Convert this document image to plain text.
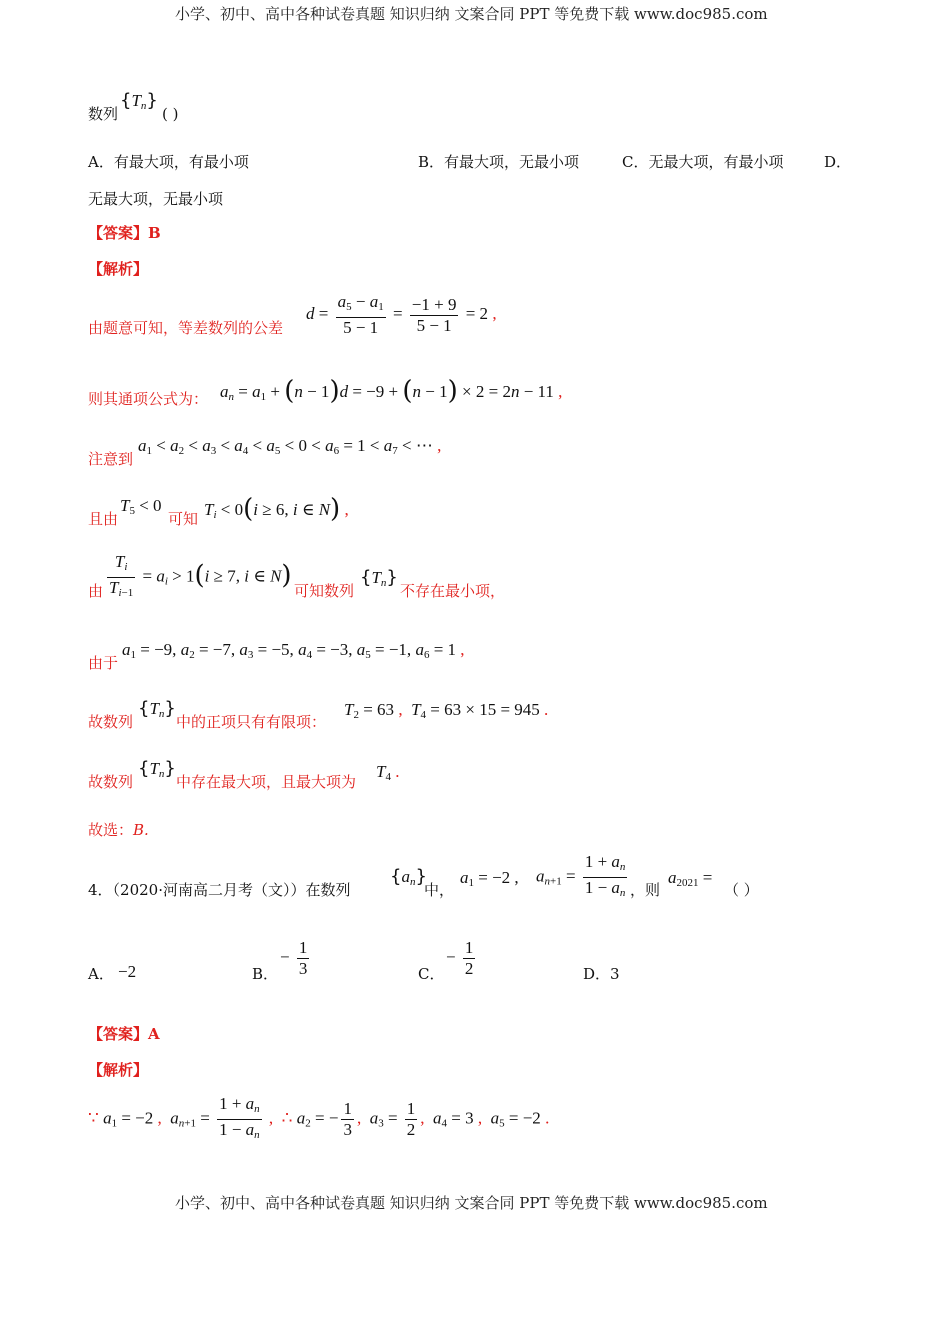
小学、初中、高中各种试卷真题 知识归纳 文案合同 PPT 等免费下载 www.doc985.com
数列
$\{T_n\}$
( )
A．有最大项，有最小项	B．有最大项，无最小项	C．无最大项，有最小项	D．
无最大项，无最小项
【答案】B
【解析】
由题意可知，等差数列的公差
$d = \frac{a_5 - a_1}{5 - 1} = \frac{-1 + 9}{5 - 1} = 2$ ,
则其通项公式为： $a_n = a_1 + (n - 1)d = -9 + (n - 1) \times 2 = 2n - 11$ ,
注意到
$a_1 < a_2 < a_3 < a_4 < a_5 < 0 < a_6 = 1 < a_7$ < ⋯ ,
且由
$T_5 < 0$
可知 $T_i < 0(i \ge 6$, i ∈ N) ,
由 $\frac{T_i}{T_{i-1}} = a_i > 1(i \ge 7$, i ∈ N)
可知数列
$\{T_n\}$
不存在最小项，
由于
$a_1 = -9$, $a_2 = -7$, $a_3 = -5$, $a_4 = -3$, $a_5 = -1$, $a_6 = 1$ ,
故数列
$\{T_n\}$
中的正项只有有限项：
$T_2 = 63$ , $T_4 = 63 \times 15 = 945$ .
故数列
$\{T_n\}$
中存在最大项，且最大项为
$T_4$ .
故选：B.
4．（2020·河南高二月考（文））在数列
$\{a_n\}$
中，
$a_1 = -2$ , $a_{n+1} = \frac{1 + a_n}{1 - a_n}$ ，则
$a_{2021}$ =
（ ）
A． −2	B．
− $\frac{1}{3}$	C．
− $\frac{1}{2}$	D．3
【答案】A
【解析】
∵ $a_1 = -2$ , $a_{n+1} = \frac{1 + a_n}{1 - a_n}$ , ∴ $a_2$ = − $\frac{1}{3}$ , $a_3 = \frac{1}{2}$ , $a_4 = 3$ , $a_5 = -2$ .
小学、初中、高中各种试卷真题 知识归纳 文案合同 PPT 等免费下载 www.doc985.com
